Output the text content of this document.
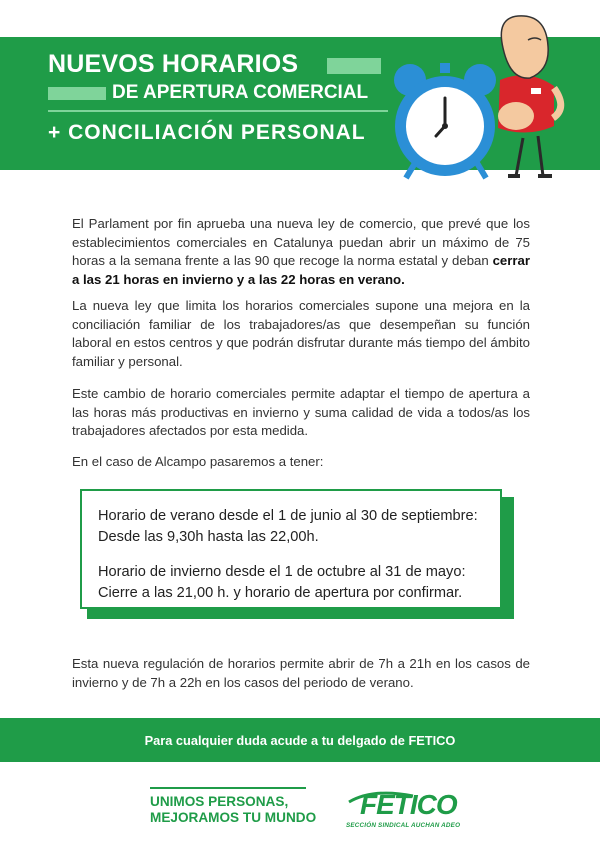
NUEVOS HORARIOS
DE APERTURA COMERCIAL
+ CONCILIACIÓN PERSONAL
El Parlament por fin aprueba una nueva ley de comercio, que prevé que los establecimientos comerciales en Catalunya puedan abrir un máximo de 75 horas a la semana frente a las 90 que recoge la norma estatal y deban cerrar a las 21 horas en invierno y a las 22 horas en verano.
La nueva ley que limita los horarios comerciales supone una mejora en la conciliación familiar de los trabajadores/as que desempeñan su función laboral en estos centros y que podrán disfrutar durante más tiempo del ámbito familiar y personal.
Este cambio de horario comerciales permite adaptar el tiempo de apertura a las horas más productivas en invierno y suma calidad de vida a todos/as los trabajadores afectados por esta medida.
En el caso de Alcampo pasaremos a tener:

Horario de verano desde el 1 de junio al 30 de septiembre:
Desde las 9,30h hasta las 22,00h.

Horario de invierno desde el 1 de octubre al 31 de mayo:
Cierre a las 21,00 h. y horario de apertura por confirmar.

Esta nueva regulación de horarios permite abrir de 7h a 21h en los casos de invierno y de 7h a 22h en los casos del periodo de verano.
Para cualquier duda acude a tu delgado de FETICO
UNIMOS PERSONAS,
MEJORAMOS TU MUNDO FETICO
SECCIÓN SINDICAL AUCHAN ADEO
